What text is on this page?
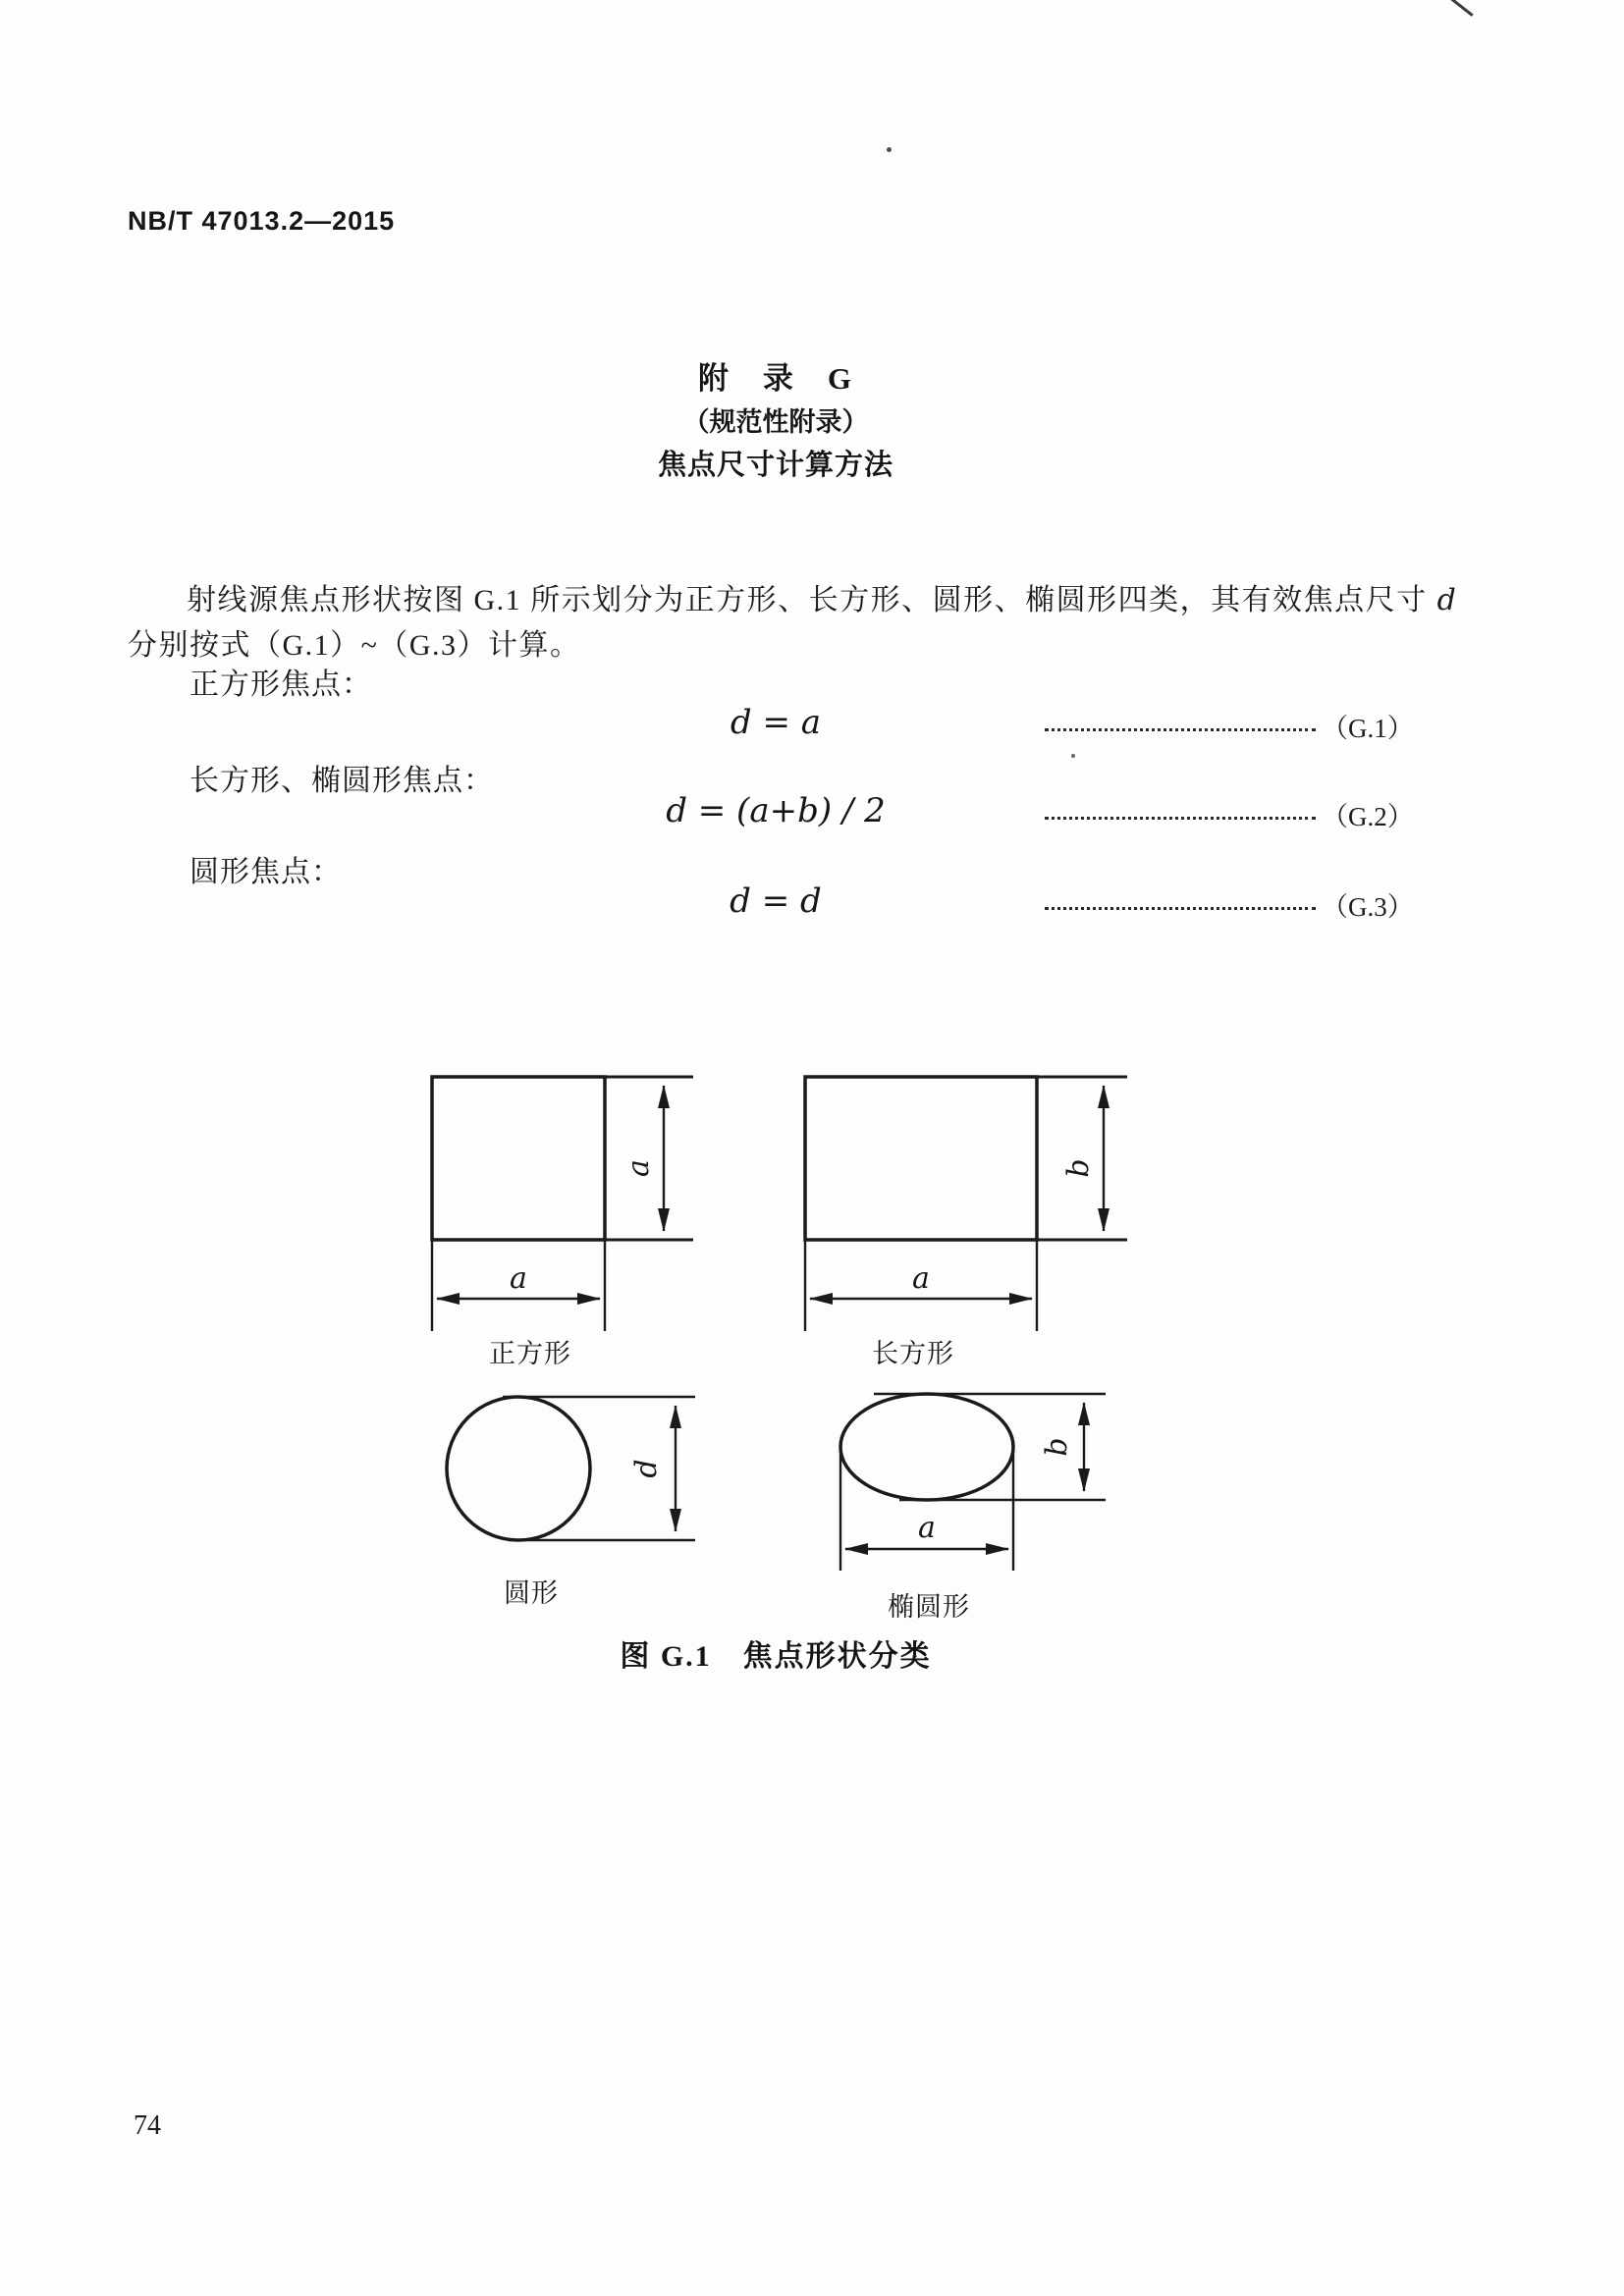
NB/T 47013.2—2015
附　录　G
（规范性附录）
焦点尺寸计算方法
射线源焦点形状按图 G.1 所示划分为正方形、长方形、圆形、椭圆形四类，其有效焦点尺寸 d
分别按式（G.1）~（G.3）计算。
正方形焦点：
d = a	（G.1）
长方形、椭圆形焦点：
d = (a+b) / 2	（G.2）
圆形焦点：
d = d	（G.3）
a
a
正方形
b
a
长方形
d
圆形
b
a
椭圆形
图 G.1　焦点形状分类
74
